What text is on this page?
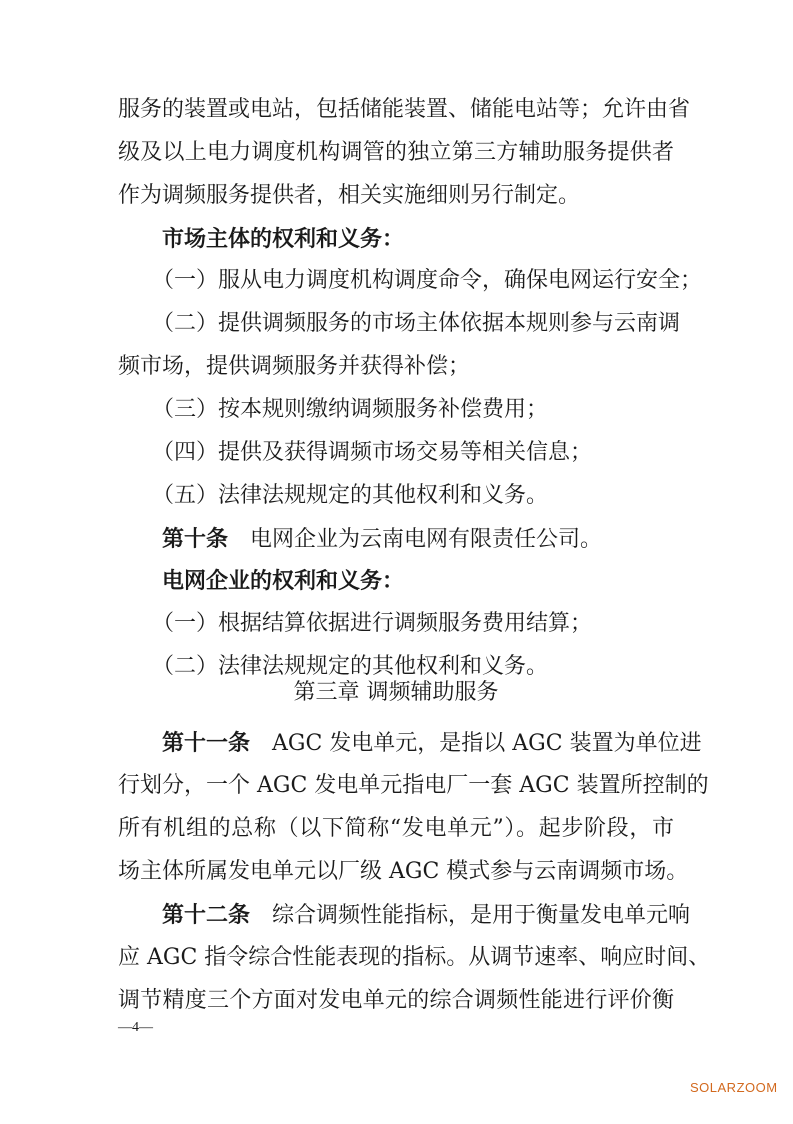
服务的装置或电站，包括储能装置、储能电站等；允许由省
级及以上电力调度机构调管的独立第三方辅助服务提供者
作为调频服务提供者，相关实施细则另行制定。
市场主体的权利和义务：
（一）服从电力调度机构调度命令，确保电网运行安全；
（二）提供调频服务的市场主体依据本规则参与云南调
频市场，提供调频服务并获得补偿；
（三）按本规则缴纳调频服务补偿费用；
（四）提供及获得调频市场交易等相关信息；
（五）法律法规规定的其他权利和义务。
第十条 电网企业为云南电网有限责任公司。
电网企业的权利和义务：
（一）根据结算依据进行调频服务费用结算；
（二）法律法规规定的其他权利和义务。
第三章 调频辅助服务
第十一条 AGC 发电单元，是指以 AGC 装置为单位进
行划分，一个 AGC 发电单元指电厂一套 AGC 装置所控制的
所有机组的总称（以下简称“发电单元”）。起步阶段，市
场主体所属发电单元以厂级 AGC 模式参与云南调频市场。
第十二条 综合调频性能指标，是用于衡量发电单元响
应 AGC 指令综合性能表现的指标。从调节速率、响应时间、
调节精度三个方面对发电单元的综合调频性能进行评价衡
—4—
SOLARZOOM
